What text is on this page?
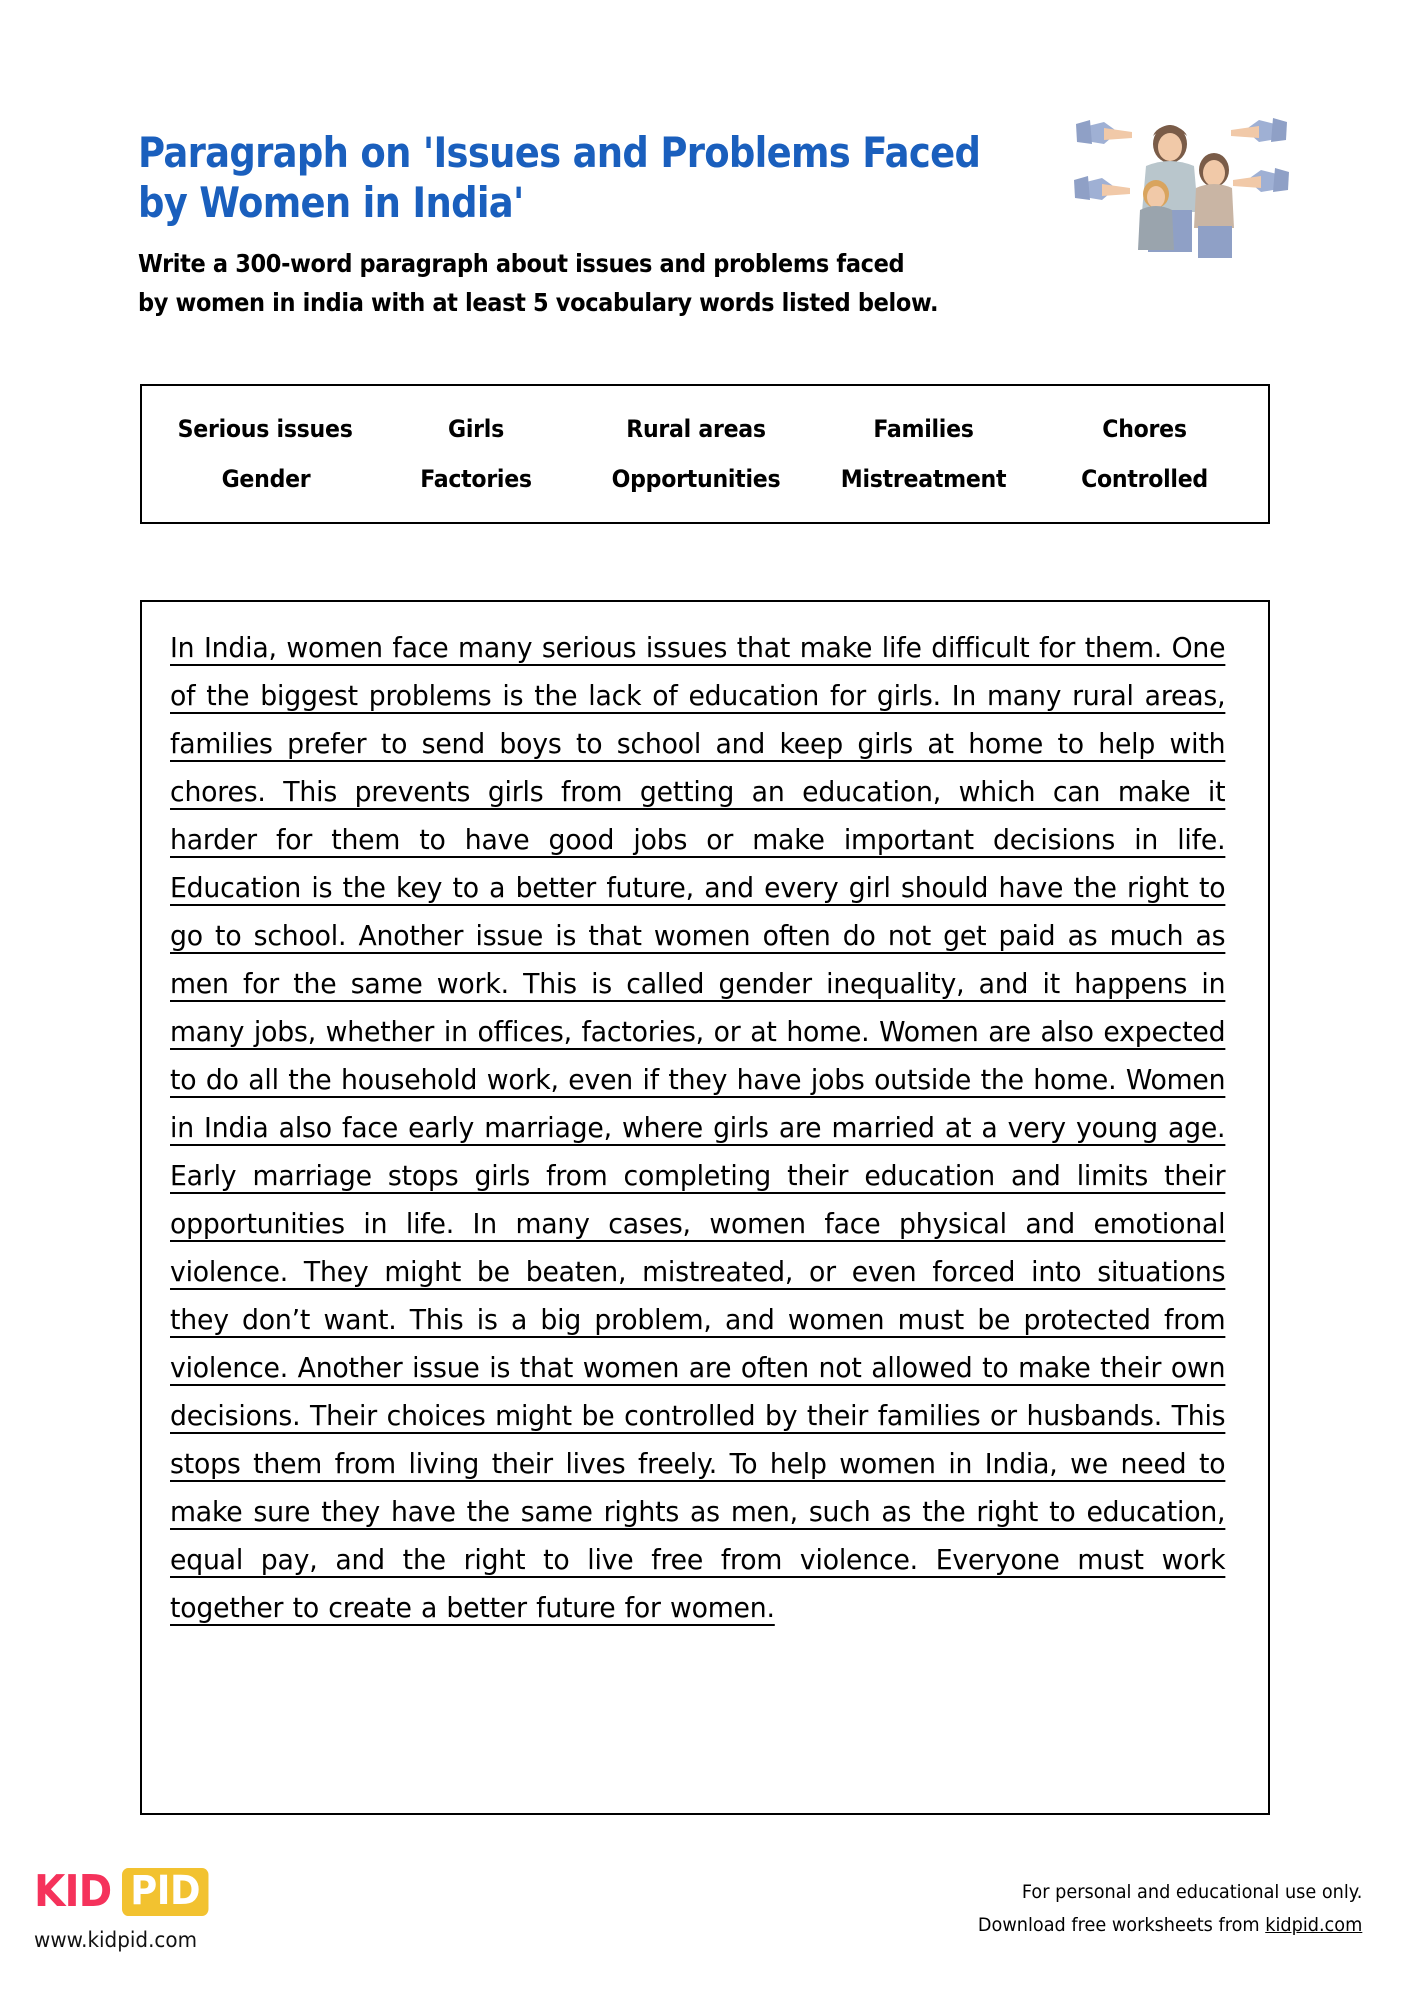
Paragraph on 'Issues and Problems Faced
by Women in India'
Write a 300-word paragraph about issues and problems faced
by women in india with at least 5 vocabulary words listed below.
Serious issues	Girls	Rural areas	Families	Chores
Gender	Factories	Opportunities	Mistreatment	Controlled
In India, women face many serious issues that make life difficult for them. One of the biggest problems is the lack of education for girls. In many rural areas, families prefer to send boys to school and keep girls at home to help with chores. This prevents girls from getting an education, which can make it harder for them to have good jobs or make important decisions in life. Education is the key to a better future, and every girl should have the right to go to school. Another issue is that women often do not get paid as much as men for the same work. This is called gender inequality, and it happens in many jobs, whether in offices, factories, or at home. Women are also expected to do all the household work, even if they have jobs outside the home. Women in India also face early marriage, where girls are married at a very young age. Early marriage stops girls from completing their education and limits their opportunities in life. In many cases, women face physical and emotional violence. They might be beaten, mistreated, or even forced into situations they don’t want. This is a big problem, and women must be protected from violence. Another issue is that women are often not allowed to make their own decisions. Their choices might be controlled by their families or husbands. This stops them from living their lives freely. To help women in India, we need to make sure they have the same rights as men, such as the right to education, equal pay, and the right to live free from violence. Everyone must work together to create a better future for women.
KID PID
www.kidpid.com
For personal and educational use only.
Download free worksheets from kidpid.com
